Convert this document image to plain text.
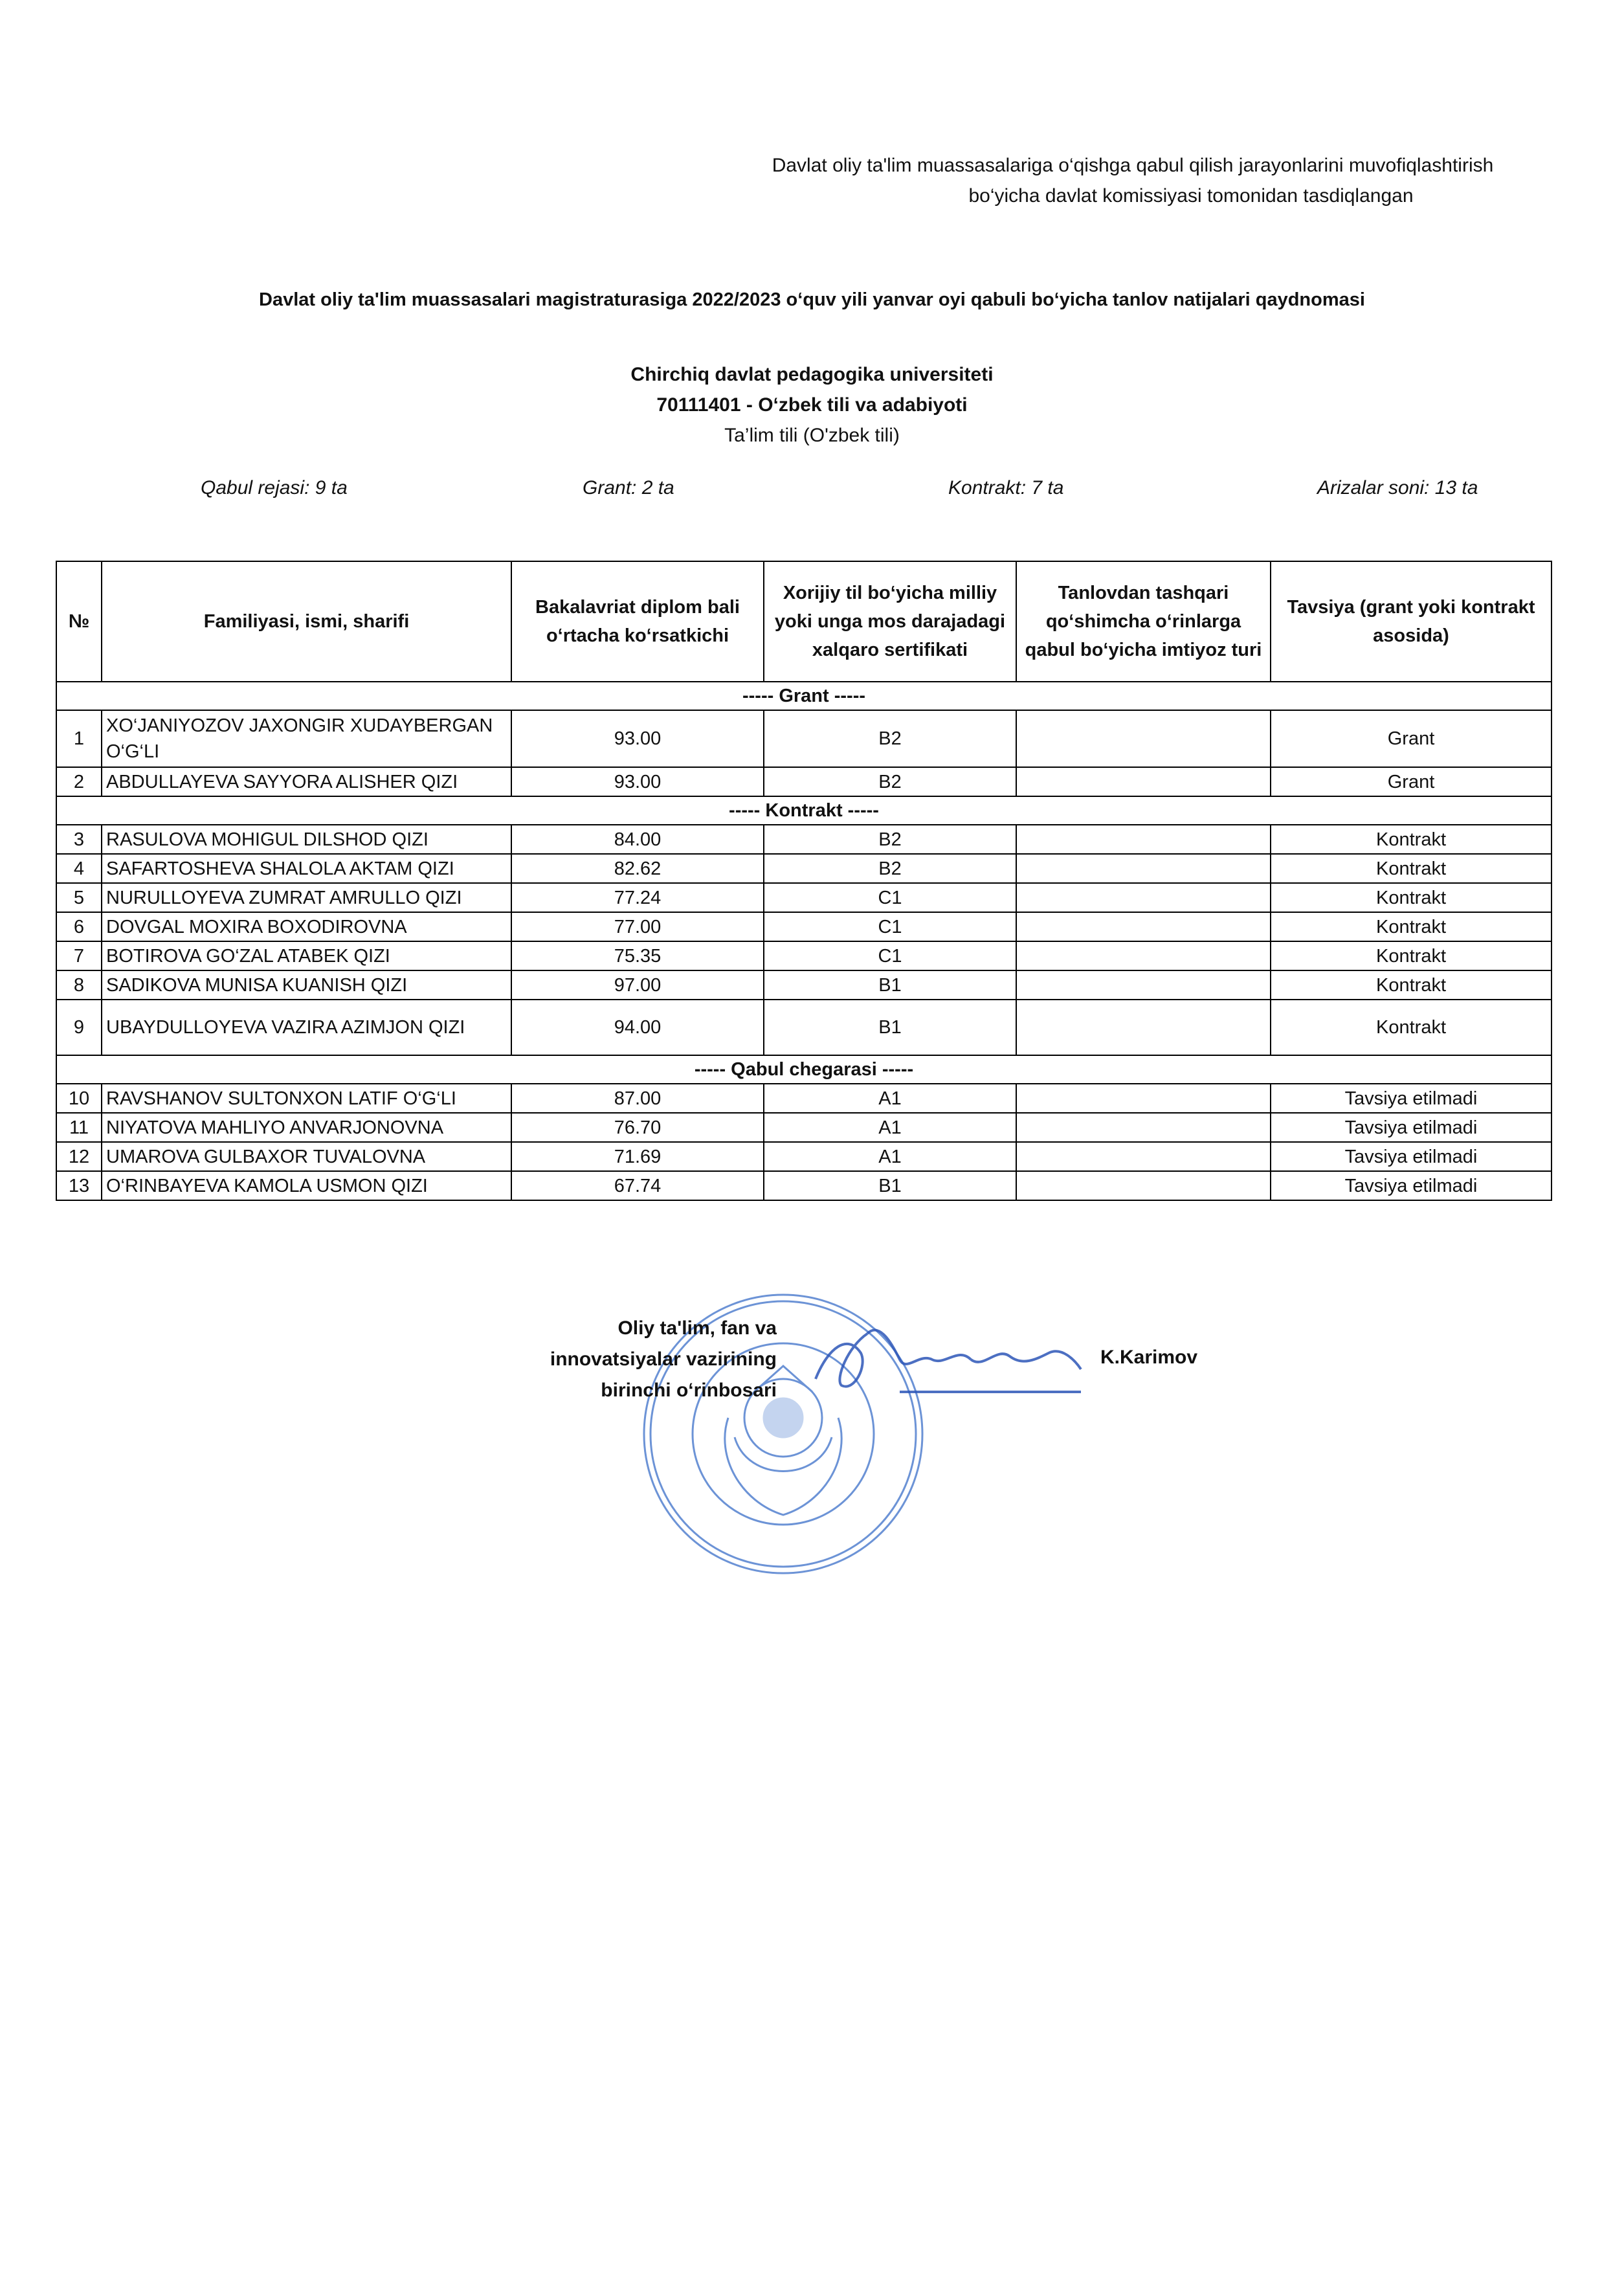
Davlat oliy ta'lim muassasalariga o‘qishga qabul qilish jarayonlarini muvofiqlashtirish
bo‘yicha davlat komissiyasi tomonidan tasdiqlangan
Davlat oliy ta'lim muassasalari magistraturasiga 2022/2023 o‘quv yili yanvar oyi qabuli bo‘yicha tanlov natijalari qaydnomasi
Chirchiq davlat pedagogika universiteti
70111401 - O‘zbek tili va adabiyoti
Ta’lim tili (O'zbek tili)
Qabul rejasi: 9 ta	Grant: 2 ta	Kontrakt: 7 ta	Arizalar soni: 13 ta
№	Familiyasi, ismi, sharifi	Bakalavriat diplom bali o‘rtacha ko‘rsatkichi	Xorijiy til bo‘yicha milliy yoki unga mos darajadagi xalqaro sertifikati	Tanlovdan tashqari qo‘shimcha o‘rinlarga qabul bo‘yicha imtiyoz turi	Tavsiya (grant yoki kontrakt asosida)
----- Grant -----					
1	XO‘JANIYOZOV JAXONGIR XUDAYBERGAN O‘G‘LI	93.00	B2		Grant
2	ABDULLAYEVA SAYYORA ALISHER QIZI	93.00	B2		Grant
----- Kontrakt -----					
3	RASULOVA MOHIGUL DILSHOD QIZI	84.00	B2		Kontrakt
4	SAFARTOSHEVA SHALOLA AKTAM QIZI	82.62	B2		Kontrakt
5	NURULLOYEVA ZUMRAT AMRULLO QIZI	77.24	C1		Kontrakt
6	DOVGAL MOXIRA BOXODIROVNA	77.00	C1		Kontrakt
7	BOTIROVA GO‘ZAL ATABEK QIZI	75.35	C1		Kontrakt
8	SADIKOVA MUNISA KUANISH QIZI	97.00	B1		Kontrakt
9	UBAYDULLOYEVA VAZIRA AZIMJON QIZI	94.00	B1		Kontrakt
----- Qabul chegarasi -----					
10	RAVSHANOV SULTONXON LATIF O‘G‘LI	87.00	A1		Tavsiya etilmadi
11	NIYATOVA MAHLIYO ANVARJONOVNA	76.70	A1		Tavsiya etilmadi
12	UMAROVA GULBAXOR TUVALOVNA	71.69	A1		Tavsiya etilmadi
13	O‘RINBAYEVA KAMOLA USMON QIZI	67.74	B1		Tavsiya etilmadi
Oliy ta'lim, fan va
innovatsiyalar vazirining
birinchi o‘rinbosari
K.Karimov
